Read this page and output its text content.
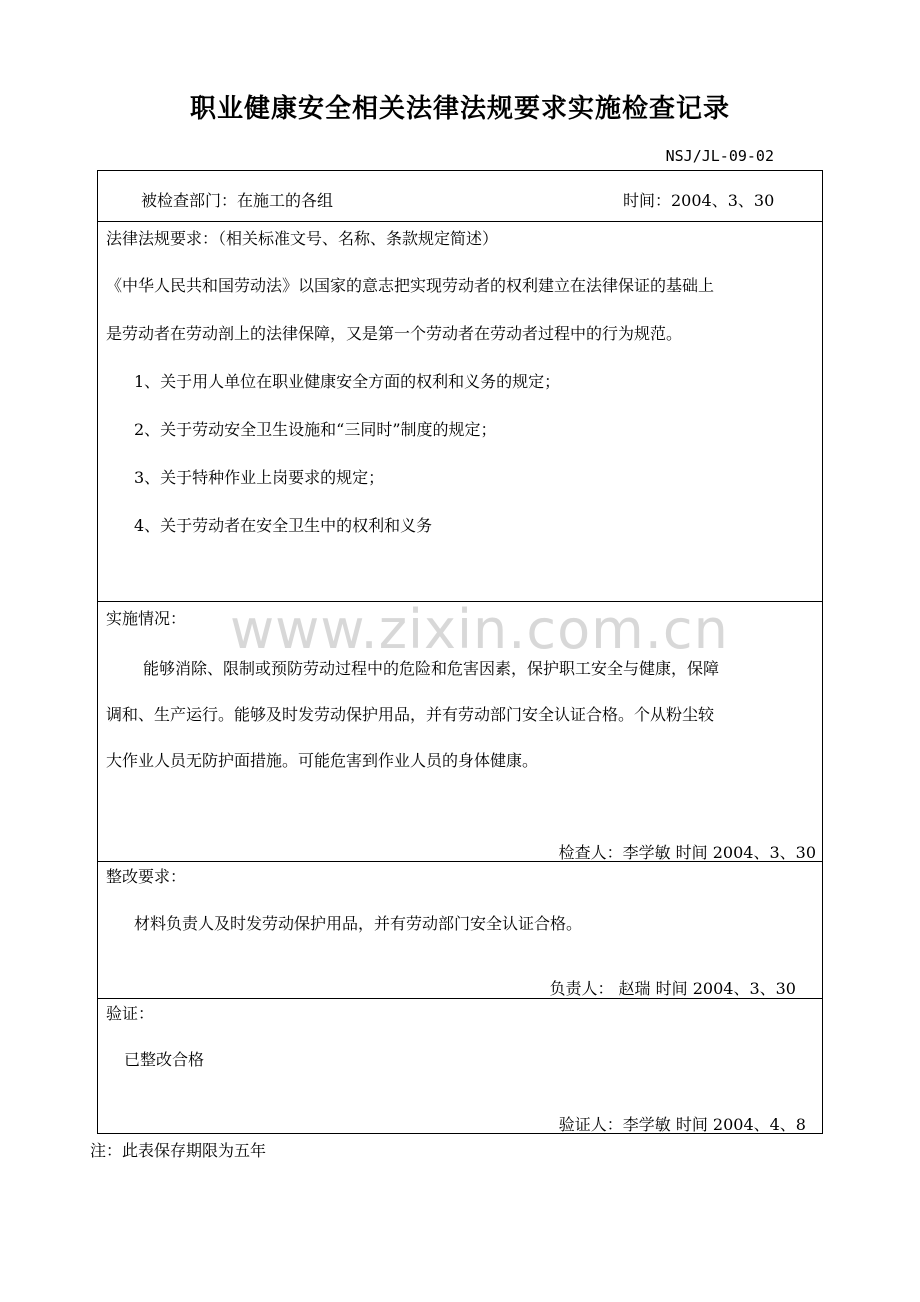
职业健康安全相关法律法规要求实施检查记录
NSJ/JL-09-02
被检查部门：在施工的各组	时间：2004、3、30
法律法规要求：（相关标准文号、名称、条款规定简述）
《中华人民共和国劳动法》以国家的意志把实现劳动者的权利建立在法律保证的基础上
是劳动者在劳动剖上的法律保障，又是第一个劳动者在劳动者过程中的行为规范。
1、关于用人单位在职业健康安全方面的权利和义务的规定；
2、关于劳动安全卫生设施和“三同时”制度的规定；
3、关于特种作业上岗要求的规定；
4、关于劳动者在安全卫生中的权利和义务
实施情况：
能够消除、限制或预防劳动过程中的危险和危害因素，保护职工安全与健康，保障
调和、生产运行。能够及时发劳动保护用品，并有劳动部门安全认证合格。个从粉尘较
大作业人员无防护面措施。可能危害到作业人员的身体健康。
检查人：李学敏 时间 2004、3、30
整改要求：
材料负责人及时发劳动保护用品，并有劳动部门安全认证合格。
负责人： 赵瑞 时间 2004、3、30
验证：
已整改合格
验证人：李学敏 时间 2004、4、8
www.zixin.com.cn
注：此表保存期限为五年
